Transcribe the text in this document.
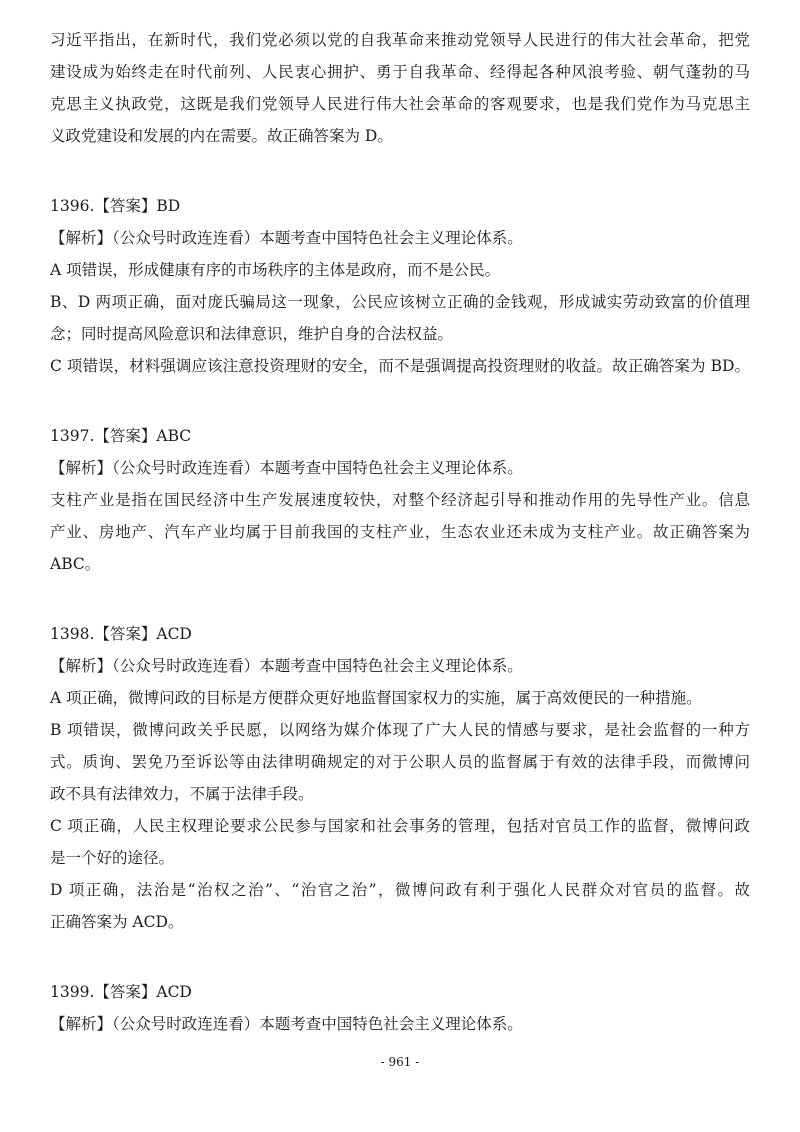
习近平指出，在新时代，我们党必须以党的自我革命来推动党领导人民进行的伟大社会革命，把党
建设成为始终走在时代前列、人民衷心拥护、勇于自我革命、经得起各种风浪考验、朝气蓬勃的马
克思主义执政党，这既是我们党领导人民进行伟大社会革命的客观要求，也是我们党作为马克思主
义政党建设和发展的内在需要。故正确答案为 D。
1396.【答案】BD
【解析】（公众号时政连连看）本题考查中国特色社会主义理论体系。
A 项错误，形成健康有序的市场秩序的主体是政府，而不是公民。
B、D 两项正确，面对庞氏骗局这一现象，公民应该树立正确的金钱观，形成诚实劳动致富的价值理
念；同时提高风险意识和法律意识，维护自身的合法权益。
C 项错误，材料强调应该注意投资理财的安全，而不是强调提高投资理财的收益。故正确答案为 BD。
1397.【答案】ABC
【解析】（公众号时政连连看）本题考查中国特色社会主义理论体系。
支柱产业是指在国民经济中生产发展速度较快，对整个经济起引导和推动作用的先导性产业。信息
产业、房地产、汽车产业均属于目前我国的支柱产业，生态农业还未成为支柱产业。故正确答案为
ABC。
1398.【答案】ACD
【解析】（公众号时政连连看）本题考查中国特色社会主义理论体系。
A 项正确，微博问政的目标是方便群众更好地监督国家权力的实施，属于高效便民的一种措施。
B 项错误，微博问政关乎民愿，以网络为媒介体现了广大人民的情感与要求，是社会监督的一种方
式。质询、罢免乃至诉讼等由法律明确规定的对于公职人员的监督属于有效的法律手段，而微博问
政不具有法律效力，不属于法律手段。
C 项正确，人民主权理论要求公民参与国家和社会事务的管理，包括对官员工作的监督，微博问政
是一个好的途径。
D 项正确，法治是“治权之治”、“治官之治”，微博问政有利于强化人民群众对官员的监督。故
正确答案为 ACD。
1399.【答案】ACD
【解析】（公众号时政连连看）本题考查中国特色社会主义理论体系。
- 961 -
